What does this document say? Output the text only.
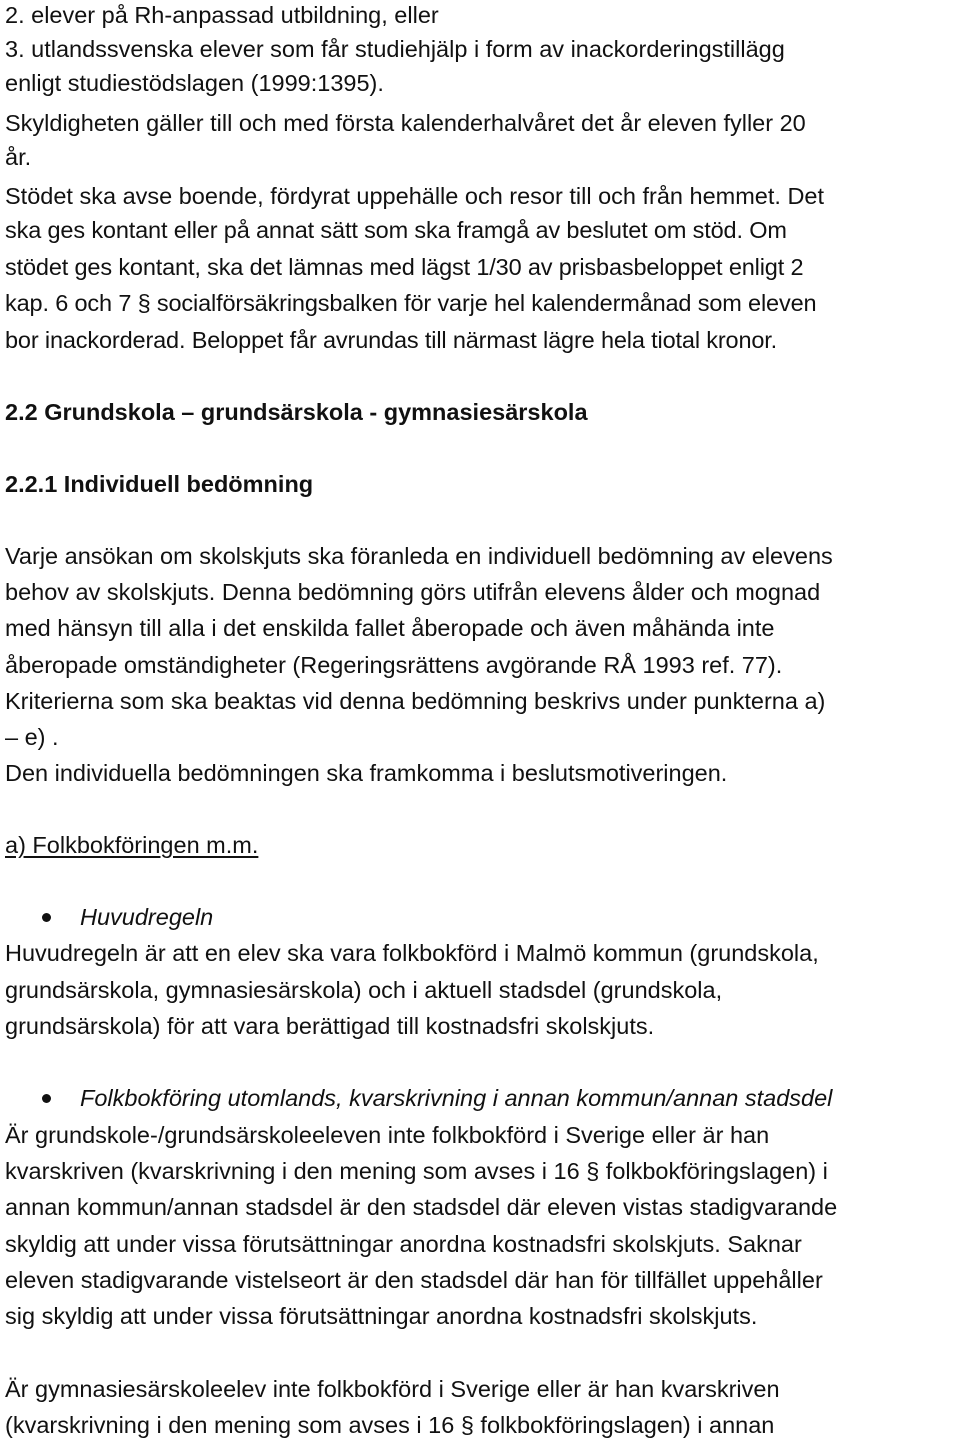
2. elever på Rh-anpassad utbildning, eller
3. utlandssvenska elever som får studiehjälp i form av inackorderingstillägg
enligt studiestödslagen (1999:1395).
Skyldigheten gäller till och med första kalenderhalvåret det år eleven fyller 20
år.
Stödet ska avse boende, fördyrat uppehälle och resor till och från hemmet. Det
ska ges kontant eller på annat sätt som ska framgå av beslutet om stöd. Om
stödet ges kontant, ska det lämnas med lägst 1/30 av prisbasbeloppet enligt 2
kap. 6 och 7 § socialförsäkringsbalken för varje hel kalendermånad som eleven
bor inackorderad. Beloppet får avrundas till närmast lägre hela tiotal kronor.
2.2 Grundskola – grundsärskola - gymnasiesärskola
2.2.1 Individuell bedömning
Varje ansökan om skolskjuts ska föranleda en individuell bedömning av elevens
behov av skolskjuts. Denna bedömning görs utifrån elevens ålder och mognad
med hänsyn till alla i det enskilda fallet åberopade och även måhända inte
åberopade omständigheter (Regeringsrättens avgörande RÅ 1993 ref. 77).
Kriterierna som ska beaktas vid denna bedömning beskrivs under punkterna a)
– e) .
Den individuella bedömningen ska framkomma i beslutsmotiveringen.
a) Folkbokföringen m.m.
Huvudregeln
Huvudregeln är att en elev ska vara folkbokförd i Malmö kommun (grundskola,
grundsärskola, gymnasiesärskola) och i aktuell stadsdel (grundskola,
grundsärskola) för att vara berättigad till kostnadsfri skolskjuts.
Folkbokföring utomlands, kvarskrivning i annan kommun/annan stadsdel
Är grundskole-/grundsärskoleeleven inte folkbokförd i Sverige eller är han
kvarskriven (kvarskrivning i den mening som avses i 16 § folkbokföringslagen) i
annan kommun/annan stadsdel är den stadsdel där eleven vistas stadigvarande
skyldig att under vissa förutsättningar anordna kostnadsfri skolskjuts. Saknar
eleven stadigvarande vistelseort är den stadsdel där han för tillfället uppehåller
sig skyldig att under vissa förutsättningar anordna kostnadsfri skolskjuts.
Är gymnasiesärskoleelev inte folkbokförd i Sverige eller är han kvarskriven
(kvarskrivning i den mening som avses i 16 § folkbokföringslagen) i annan
